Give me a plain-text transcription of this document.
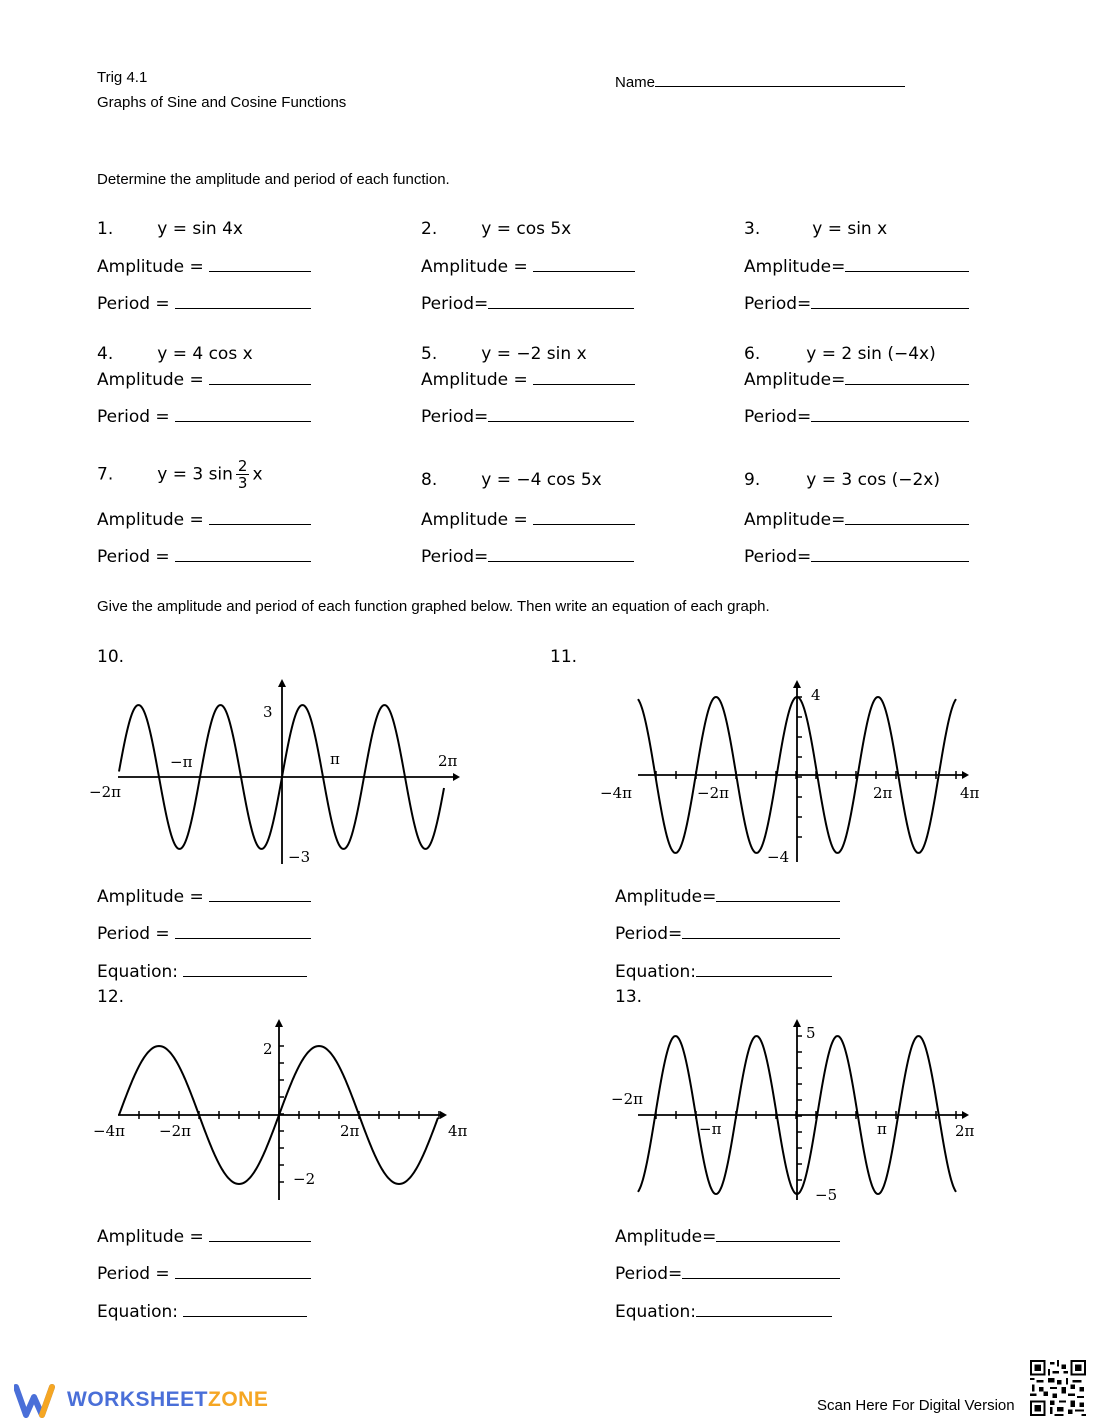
Trig 4.1
Graphs of Sine and Cosine Functions
Name
Determine the amplitude and period of each function.
1.	y = sin 4x
Amplitude =
Period =
2.	y = cos 5x
Amplitude =
Period=
3.	y = sin x
Amplitude=
Period=
4.	y = 4 cos x
Amplitude =
Period =
5.	y = −2 sin x
Amplitude =
Period=
6.	y = 2 sin (−4x)
Amplitude=
Period=
7.	y = 3 $\sin \frac{2}{3}$ x
Amplitude =
Period =
8.	y = −4 cos 5x
Amplitude =
Period=
9.	y = 3 cos (−2x)
Amplitude=
Period=
Give the amplitude and period of each function graphed below. Then write an equation of each graph.
10.	11.
12.	13.
3
−3
−π	π	2π
−2π
4
−4
−4π	−2π	2π	4π
2
−2
−4π −2π	2π	4π
5
−5
−2π
−π	π	2π
Amplitude =
Period =
Equation:
Amplitude=
Period=
Equation:
Amplitude =
Period =
Equation:
Amplitude=
Period=
Equation:
WORKSHEETZONE	Scan Here For Digital Version
